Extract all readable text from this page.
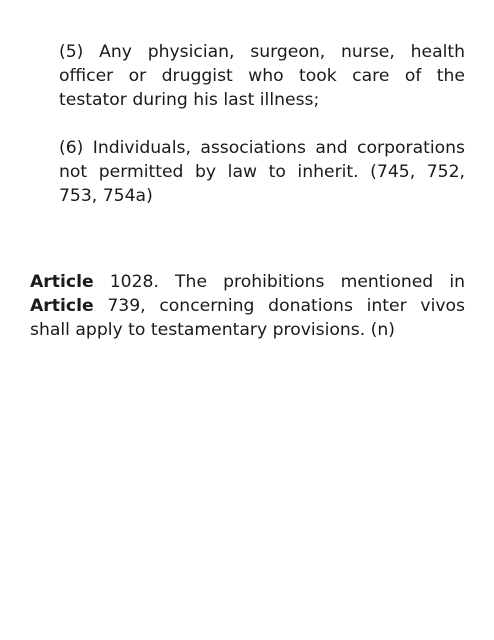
(5) Any physician, surgeon, nurse, health officer or druggist who took care of the testator during his last illness;

(6) Individuals, associations and corporations not permitted by law to inherit. (745, 752, 753, 754a)

Article 1028. The prohibitions mentioned in Article 739, concerning donations inter vivos shall apply to testamentary provisions. (n)
